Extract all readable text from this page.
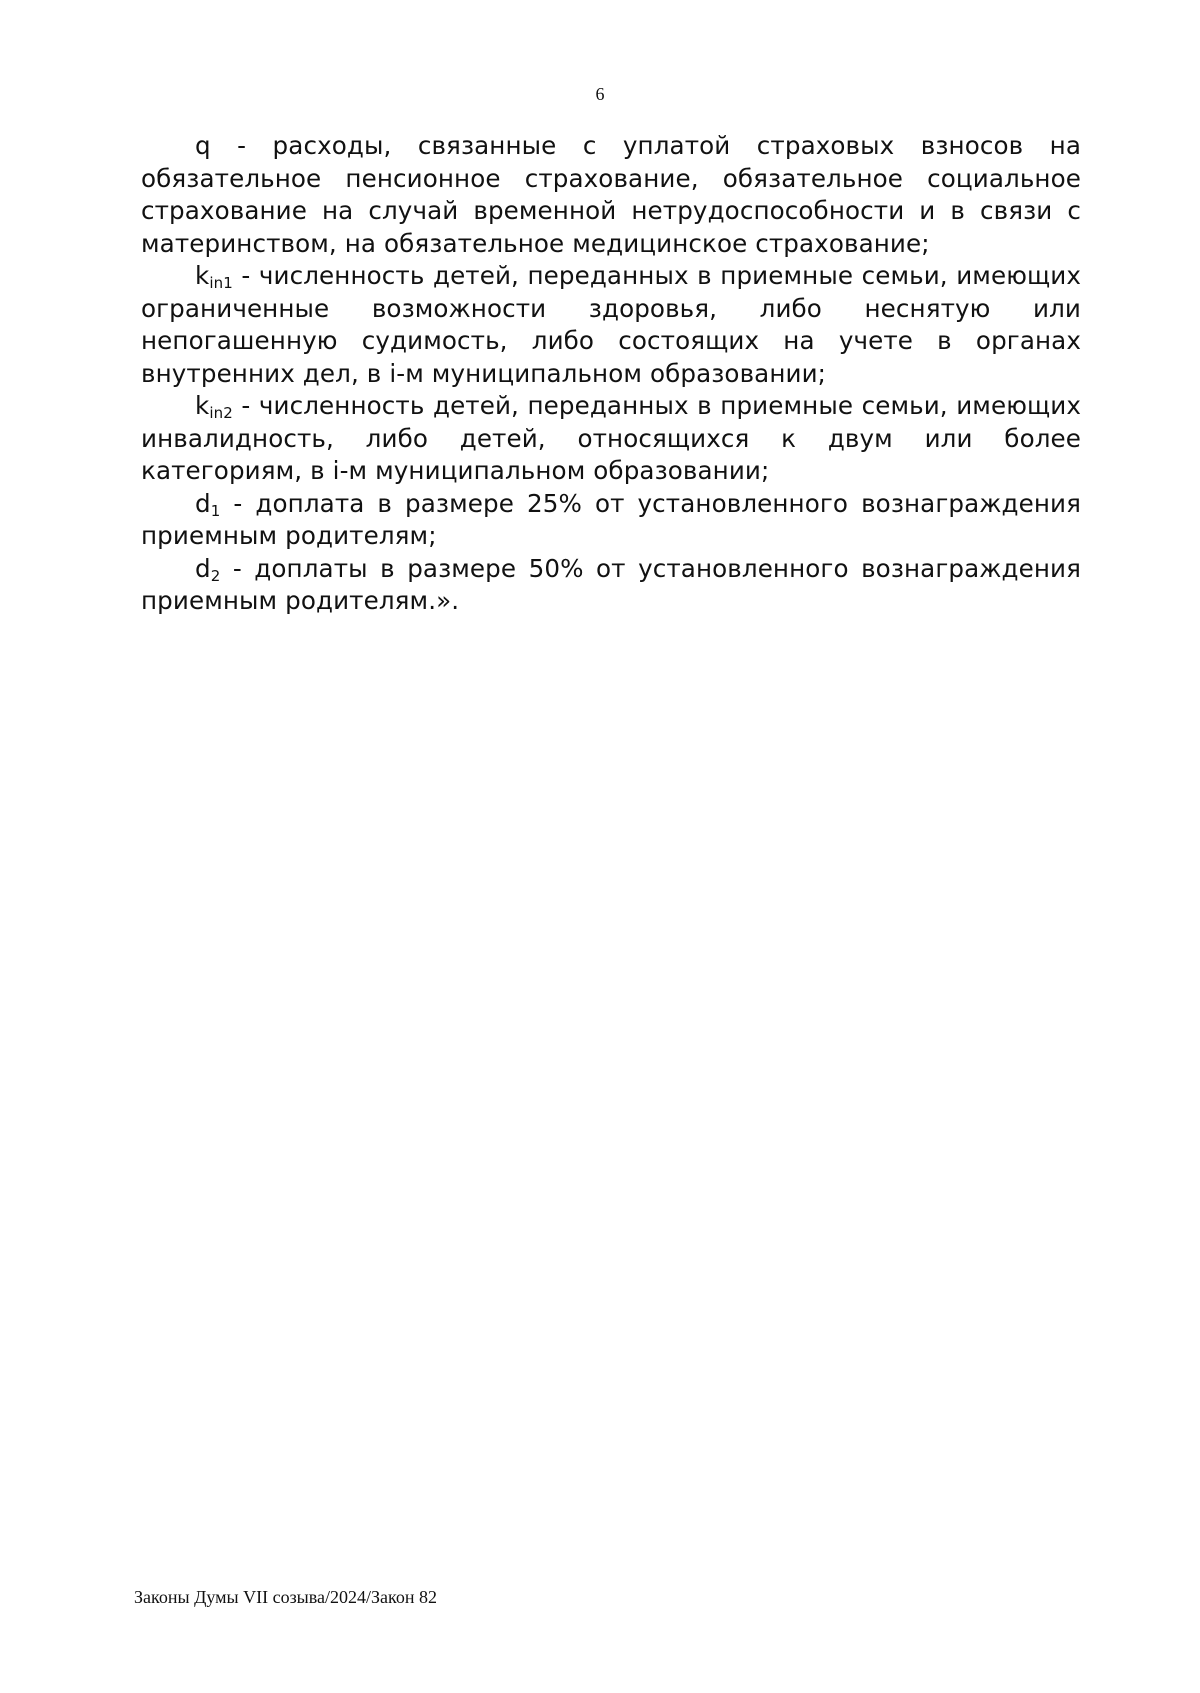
6

q - расходы, связанные с уплатой страховых взносов на обязательное пенсионное страхование, обязательное социальное страхование на случай временной нетрудоспособности и в связи с материнством, на обязательное медицинское страхование;

$k_{in1}$ - численность детей, переданных в приемные семьи, имеющих ограниченные возможности здоровья, либо неснятую или непогашенную судимость, либо состоящих на учете в органах внутренних дел, в i-м муниципальном образовании;

$k_{in2}$ - численность детей, переданных в приемные семьи, имеющих инвалидность, либо детей, относящихся к двум или более категориям, в i-м муниципальном образовании;

$d_1$ - доплата в размере 25% от установленного вознаграждения приемным родителям;

$d_2$ - доплаты в размере 50% от установленного вознаграждения приемным родителям.».

Законы Думы VII созыва/2024/Закон 82
